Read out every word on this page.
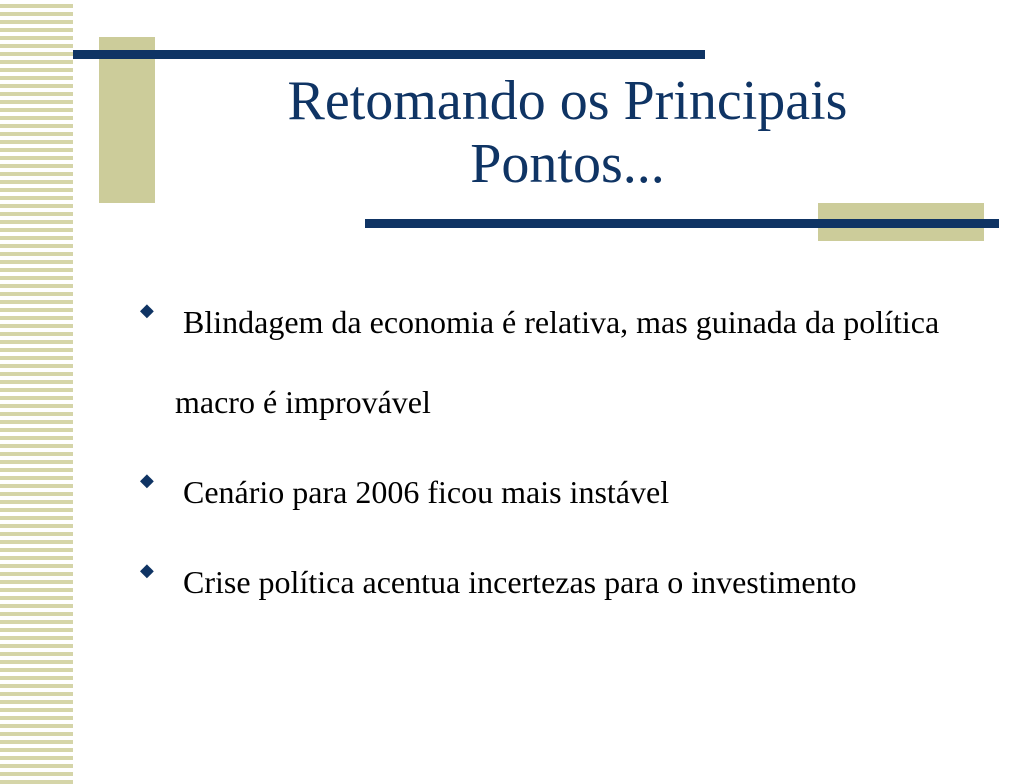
Retomando os Principais
Pontos...
◆ Blindagem da economia é relativa, mas guinada da política macro é improvável
◆ Cenário para 2006 ficou mais instável
◆ Crise política acentua incertezas para o investimento
